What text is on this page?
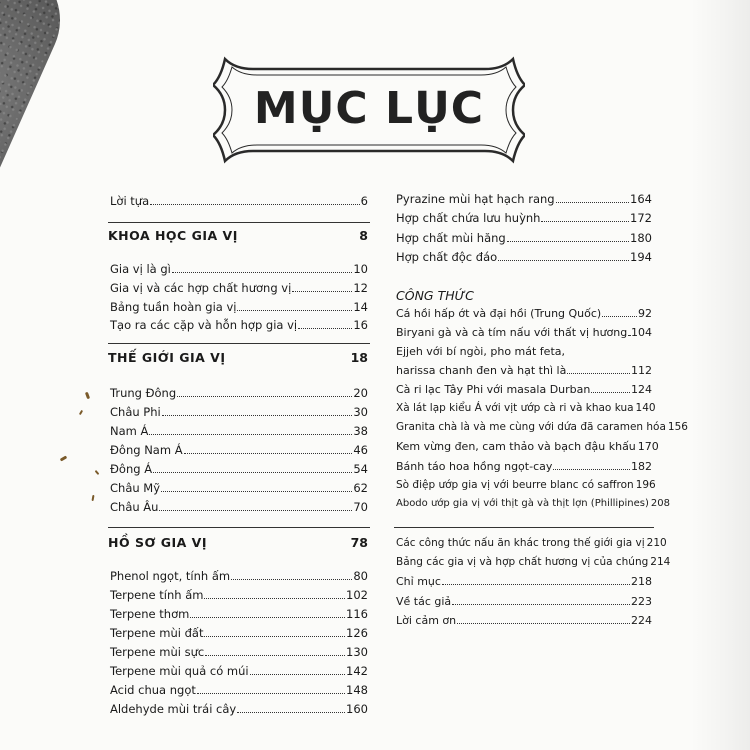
MỤC LỤC
Lời tựa	6
KHOA HỌC GIA VỊ	8
Gia vị là gì	10
Gia vị và các hợp chất hương vị	12
Bảng tuần hoàn gia vị	14
Tạo ra các cặp và hỗn hợp gia vị	16
THẾ GIỚI GIA VỊ	18
Trung Đông	20
Châu Phi	30
Nam Á	38
Đông Nam Á	46
Đông Á	54
Châu Mỹ	62
Châu Âu	70
HỒ SƠ GIA VỊ	78
Phenol ngọt, tính ấm	80
Terpene tính ấm	102
Terpene thơm	116
Terpene mùi đất	126
Terpene mùi sực	130
Terpene mùi quả có múi	142
Acid chua ngọt	148
Aldehyde mùi trái cây	160
Pyrazine mùi hạt hạch rang	164
Hợp chất chứa lưu huỳnh	172
Hợp chất mùi hăng	180
Hợp chất độc đáo	194
CÔNG THỨC
Cá hồi hấp ớt và đại hồi (Trung Quốc)	92
Biryani gà và cà tím nấu với thất vị hương 104
Ejjeh với bí ngòi, pho mát feta,
harissa chanh đen và hạt thì là	112
Cà ri lạc Tây Phi với masala Durban	124
Xà lát lạp kiểu Á với vịt ướp cà ri và khao kua 140
Granita chà là và me cùng với dứa đã caramen hóa 156
Kem vừng đen, cam thảo và bạch đậu khấu 170
Bánh táo hoa hồng ngọt-cay	182
Sò điệp ướp gia vị với beurre blanc có saffron 196
Abodo ướp gia vị với thịt gà và thịt lợn (Phillipines) 208
Các công thức nấu ăn khác trong thế giới gia vị 210
Bảng các gia vị và hợp chất hương vị của chúng 214
Chỉ mục	218
Về tác giả	223
Lời cảm ơn	224
